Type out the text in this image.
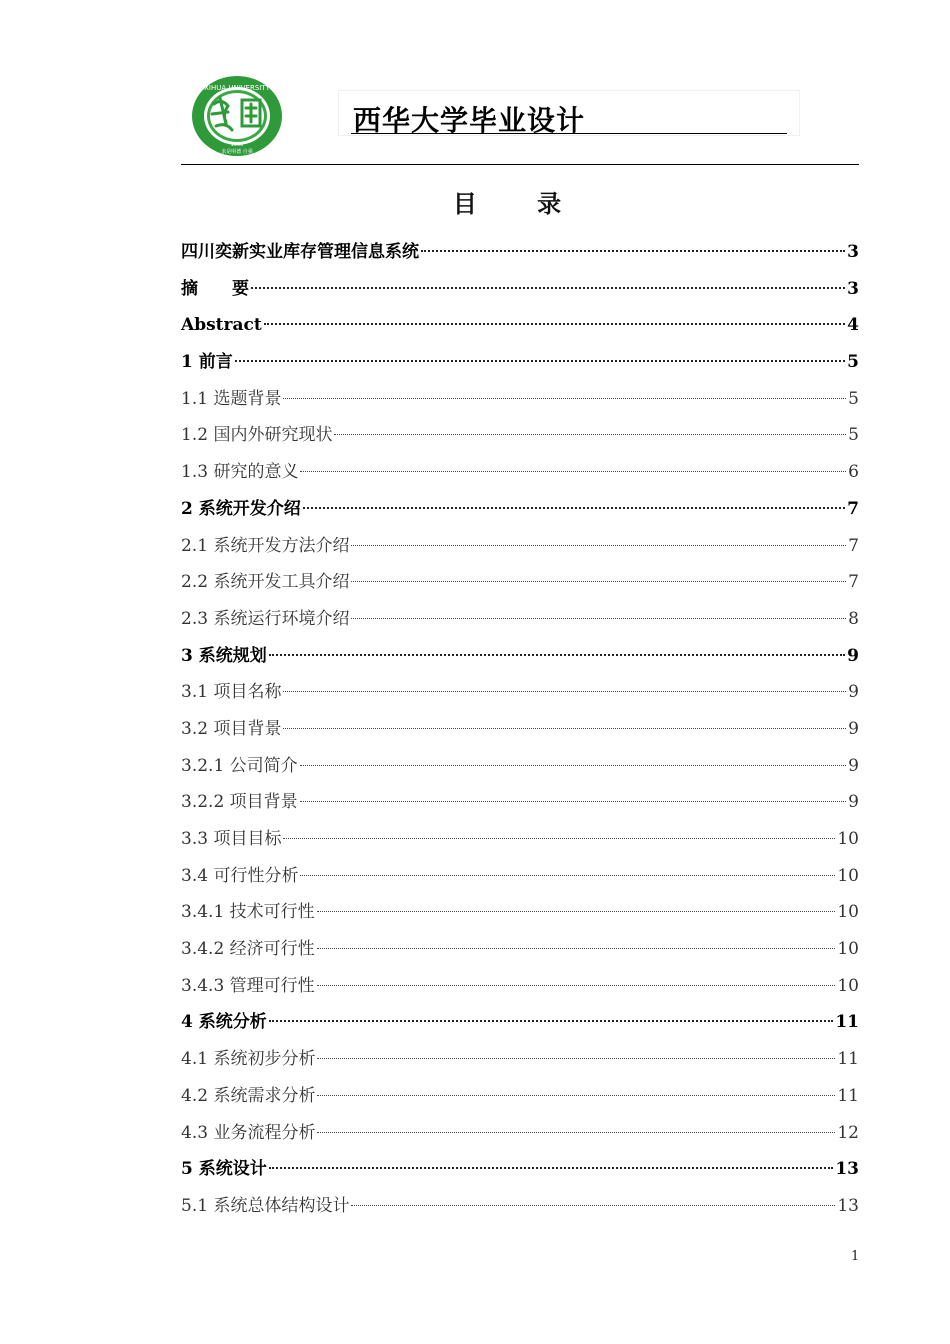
XIHUA UNIVERSITY
1960
求是明德 自强
西华大学毕业设计
目 录
四川奕新实业库存管理信息系统	3
摘　　要	3
Abstract	4
1 前言	5
1.1 选题背景	5
1.2 国内外研究现状	5
1.3 研究的意义	6
2 系统开发介绍	7
2.1 系统开发方法介绍	7
2.2 系统开发工具介绍	7
2.3 系统运行环境介绍	8
3 系统规划	9
3.1 项目名称	9
3.2 项目背景	9
3.2.1 公司简介	9
3.2.2 项目背景	9
3.3 项目目标	10
3.4 可行性分析	10
3.4.1 技术可行性	10
3.4.2 经济可行性	10
3.4.3 管理可行性	10
4 系统分析	11
4.1 系统初步分析	11
4.2 系统需求分析	11
4.3 业务流程分析	12
5 系统设计	13
5.1 系统总体结构设计	13
1
